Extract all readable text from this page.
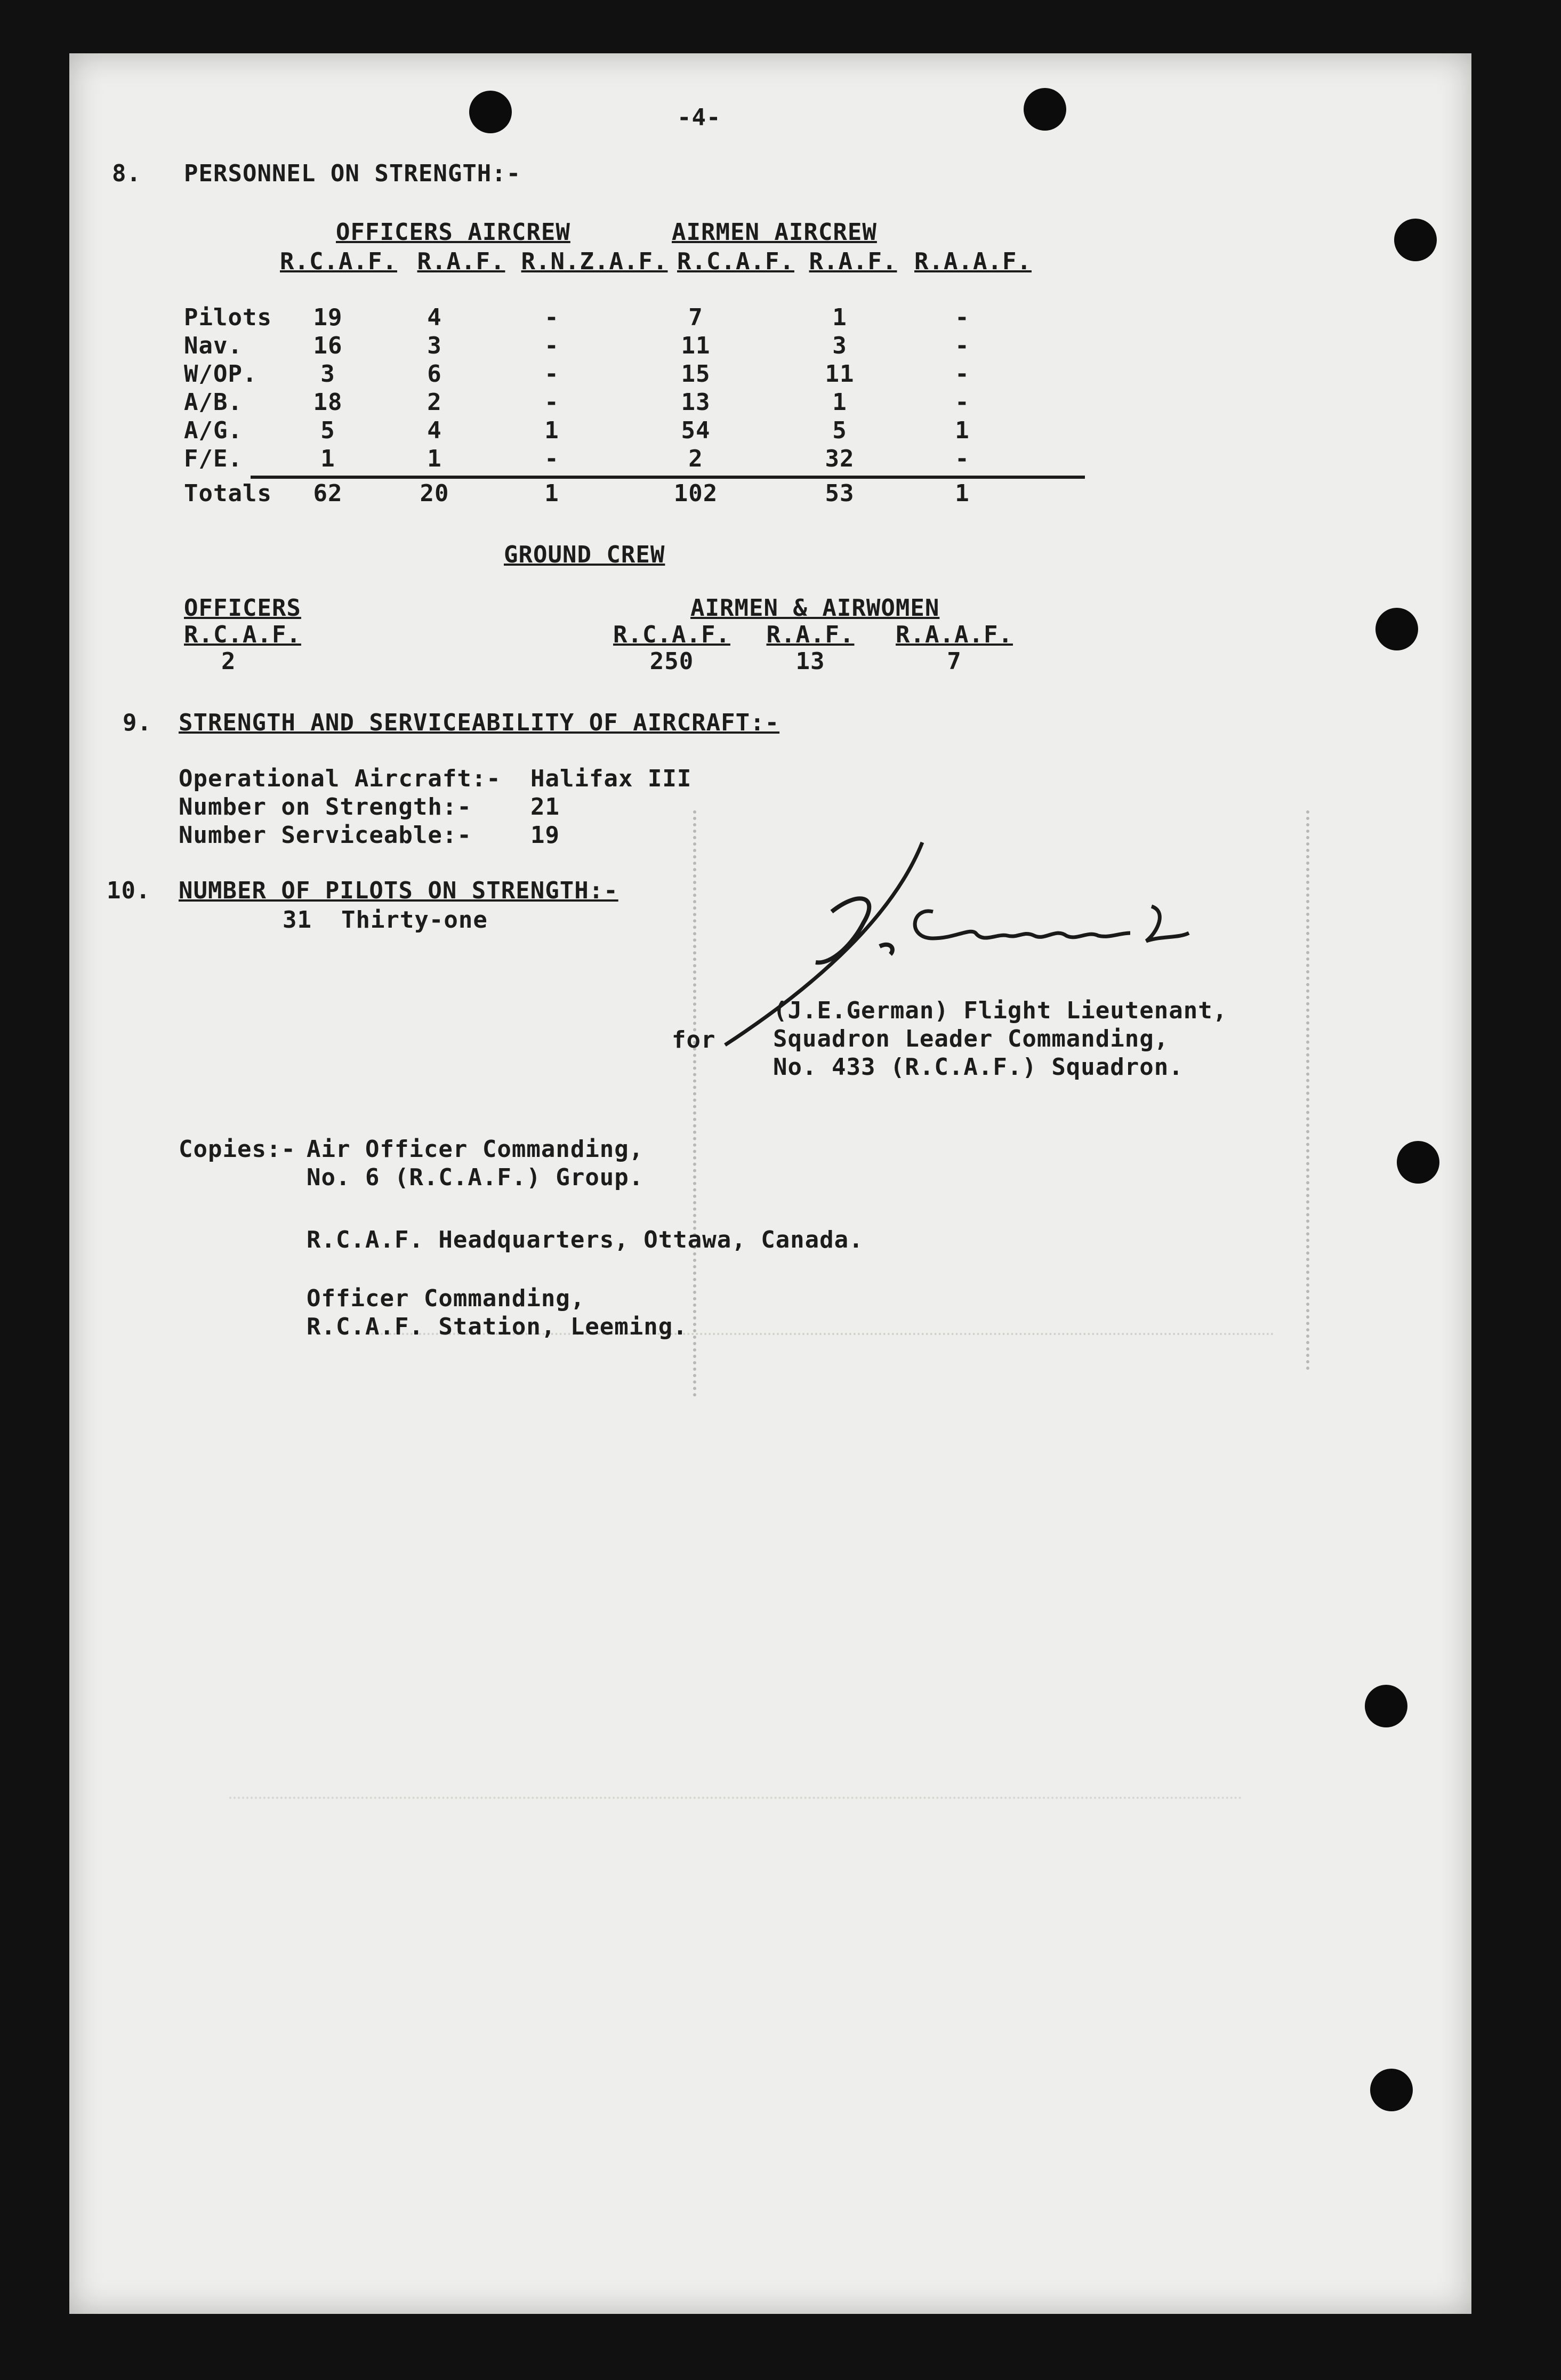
-4-
8. PERSONNEL ON STRENGTH:-
OFFICERS AIRCREW	AIRMEN AIRCREW
R.C.A.F. R.A.F. R.N.Z.A.F. R.C.A.F. R.A.F. R.A.A.F.
Pilots	19	4	-	7	1	-
Nav.	16	3	-	11	3	-
W/OP.	3	6	-	15	11	-
A/B.	18	2	-	13	1	-
A/G.	5	4	1	54	5	1
F/E.	1	1	-	2	32	-
Totals	62	20	1	102	53	1
GROUND CREW
OFFICERS
R.C.A.F.
2
AIRMEN & AIRWOMEN
R.C.A.F.	R.A.F.	R.A.A.F.
250	13	7
9. STRENGTH AND SERVICEABILITY OF AIRCRAFT:-
Operational Aircraft:- Halifax III
Number on Strength:-	21
Number Serviceable:-	19
10. NUMBER OF PILOTS ON STRENGTH:-
31  Thirty-one
for
(J.E.German) Flight Lieutenant,
Squadron Leader Commanding,
No. 433 (R.C.A.F.) Squadron.
Copies:- Air Officer Commanding,
No. 6 (R.C.A.F.) Group.
R.C.A.F. Headquarters, Ottawa, Canada.
Officer Commanding,
R.C.A.F. Station, Leeming.
